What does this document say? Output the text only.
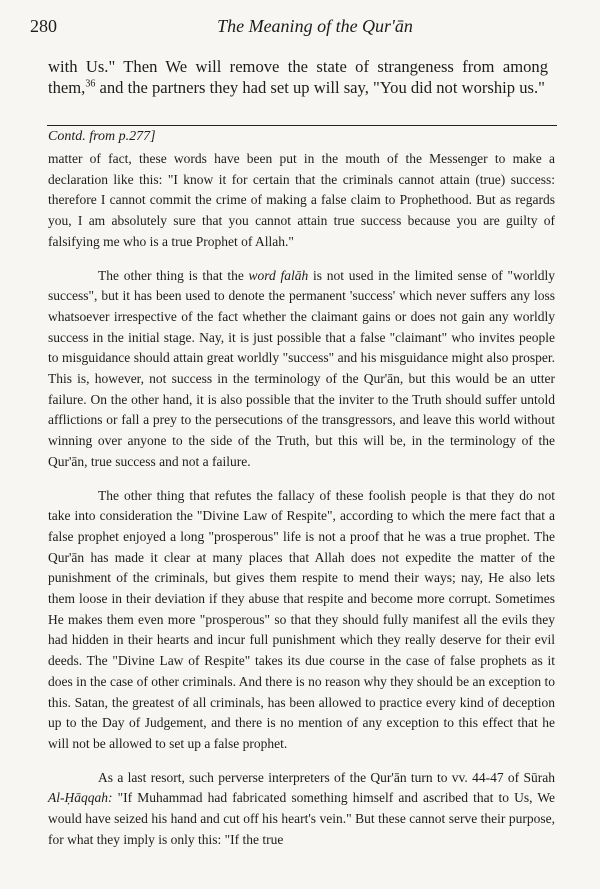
280	The Meaning of the Qur'ān

with Us." Then We will remove the state of strangeness from among them,$^{36}$ and the partners they had set up will say, "You did not worship us."

Contd. from p.277]

matter of fact, these words have been put in the mouth of the Messenger to make a declaration like this: "I know it for certain that the criminals cannot attain (true) success: therefore I cannot commit the crime of making a false claim to Prophethood. But as regards you, I am absolutely sure that you cannot attain true success because you are guilty of falsifying me who is a true Prophet of Allah."

The other thing is that the word falāh is not used in the limited sense of "worldly success", but it has been used to denote the permanent 'success' which never suffers any loss whatsoever irrespective of the fact whether the claimant gains or does not gain any worldly success in the initial stage. Nay, it is just possible that a false "claimant" who invites people to misguidance should attain great worldly "success" and his misguidance might also prosper. This is, however, not success in the terminology of the Qur'ān, but this would be an utter failure. On the other hand, it is also possible that the inviter to the Truth should suffer untold afflictions or fall a prey to the persecutions of the transgressors, and leave this world without winning over anyone to the side of the Truth, but this will be, in the terminology of the Qur'ān, true success and not a failure.

The other thing that refutes the fallacy of these foolish people is that they do not take into consideration the "Divine Law of Respite", according to which the mere fact that a false prophet enjoyed a long "prosperous" life is not a proof that he was a true prophet. The Qur'ān has made it clear at many places that Allah does not expedite the matter of the punishment of the criminals, but gives them respite to mend their ways; nay, He also lets them loose in their deviation if they abuse that respite and become more corrupt. Sometimes He makes them even more "prosperous" so that they should fully manifest all the evils they had hidden in their hearts and incur full punishment which they really deserve for their evil deeds. The "Divine Law of Respite" takes its due course in the case of false prophets as it does in the case of other criminals. And there is no reason why they should be an exception to this. Satan, the greatest of all criminals, has been allowed to practice every kind of deception up to the Day of Judgement, and there is no mention of any exception to this effect that he will not be allowed to set up a false prophet.

As a last resort, such perverse interpreters of the Qur'ān turn to vv. 44-47 of Sūrah Al-Ḥāqqah: "If Muhammad had fabricated something himself and ascribed that to Us, We would have seized his hand and cut off his heart's vein." But these cannot serve their purpose, for what they imply is only this: "If the true
